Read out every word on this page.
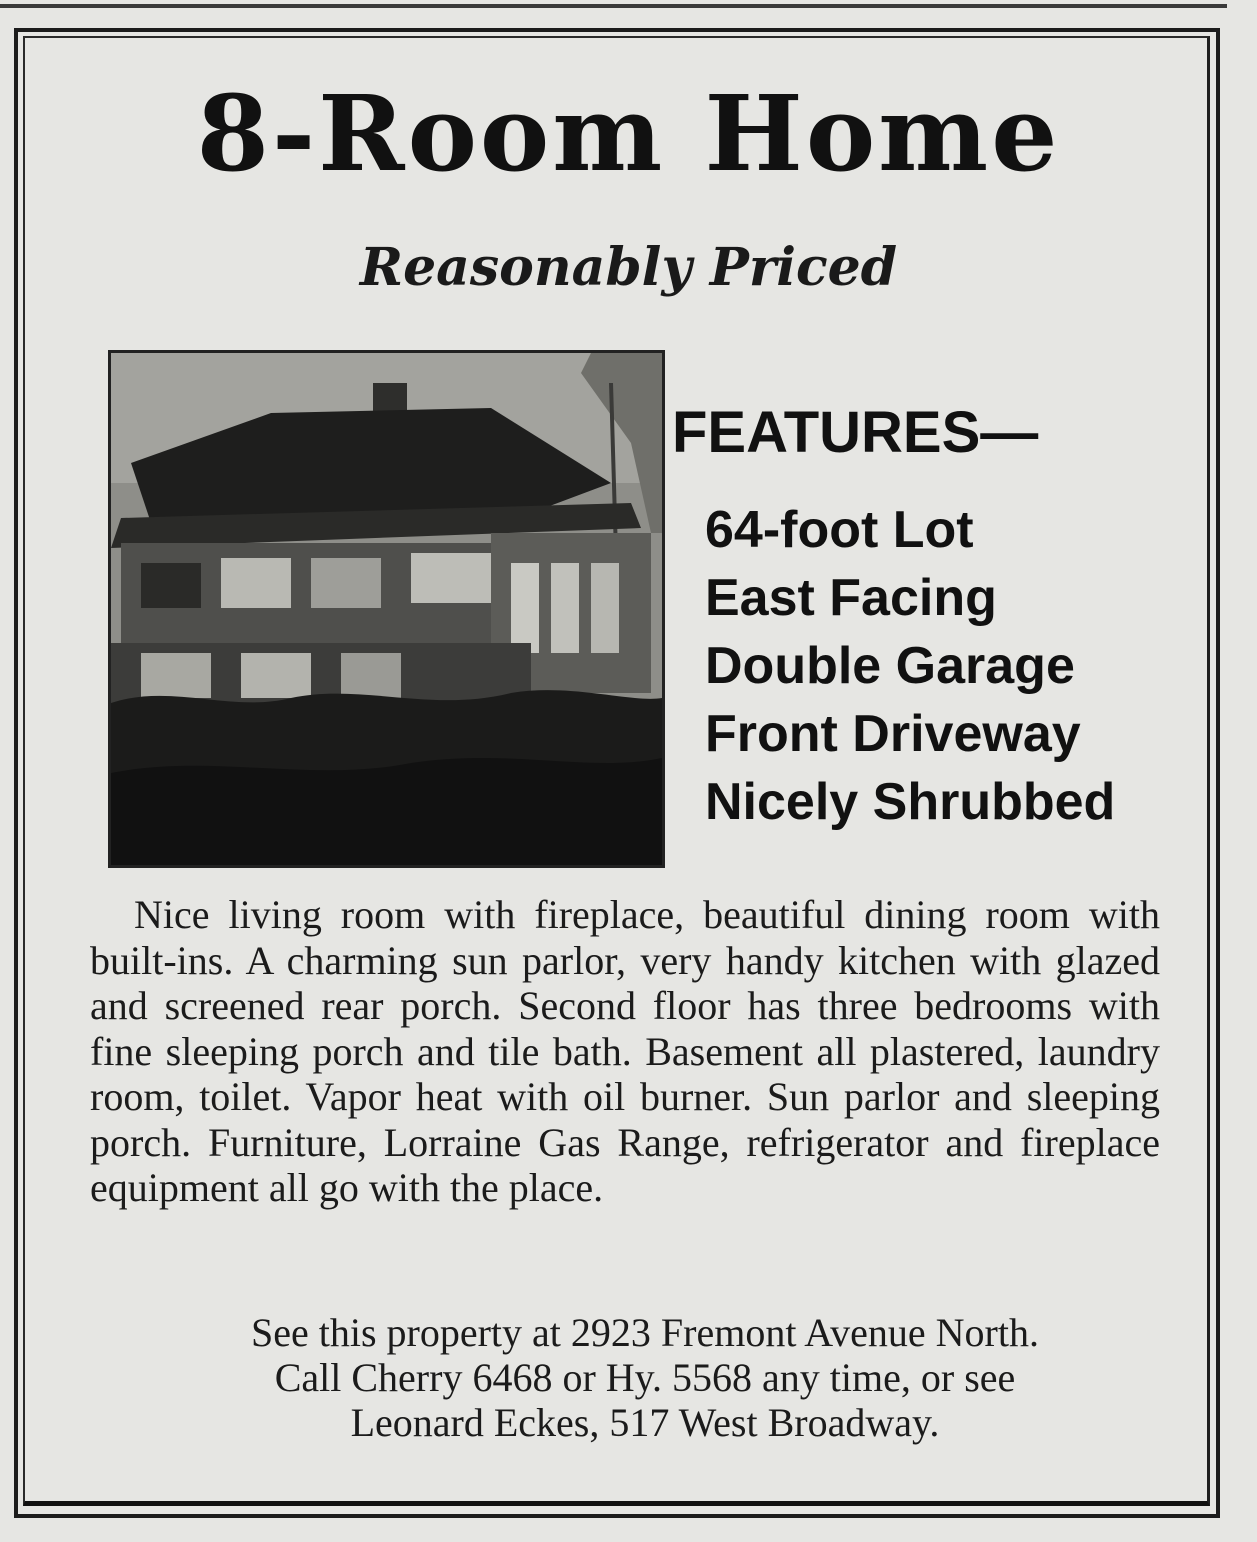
8-Room Home
Reasonably Priced
FEATURES—
64-foot Lot
East Facing
Double Garage
Front Driveway
Nicely Shrubbed

Nice living room with fireplace, beautiful dining room with built-ins. A charming sun parlor, very handy kitchen with glazed and screened rear porch. Second floor has three bedrooms with fine sleeping porch and tile bath. Basement all plastered, laundry room, toilet. Vapor heat with oil burner. Sun parlor and sleeping porch. Furniture, Lorraine Gas Range, refrigerator and fireplace equipment all go with the place.

See this property at 2923 Fremont Avenue North.
Call Cherry 6468 or Hy. 5568 any time, or see
Leonard Eckes, 517 West Broadway.
